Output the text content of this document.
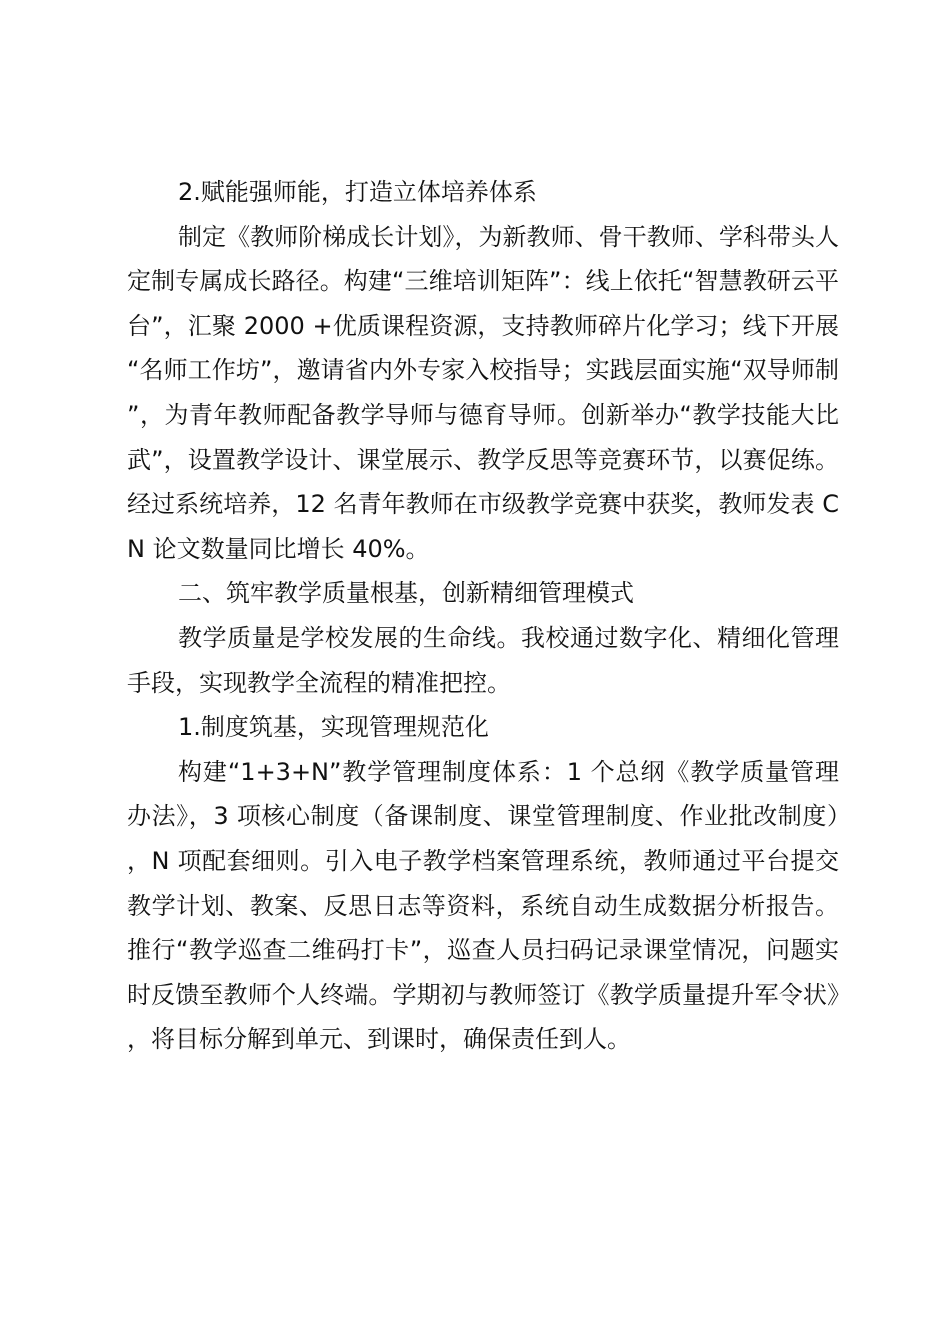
2.赋能强师能，打造立体培养体系

制定《教师阶梯成长计划》，为新教师、骨干教师、学科带头人定制专属成长路径。构建“三维培训矩阵”：线上依托“智慧教研云平台”，汇聚 2000 +优质课程资源，支持教师碎片化学习；线下开展“名师工作坊”，邀请省内外专家入校指导；实践层面实施“双导师制”，为青年教师配备教学导师与德育导师。创新举办“教学技能大比武”，设置教学设计、课堂展示、教学反思等竞赛环节，以赛促练。经过系统培养，12 名青年教师在市级教学竞赛中获奖，教师发表 CN 论文数量同比增长 40%。

二、筑牢教学质量根基，创新精细管理模式

教学质量是学校发展的生命线。我校通过数字化、精细化管理手段，实现教学全流程的精准把控。

1.制度筑基，实现管理规范化

构建“1+3+N”教学管理制度体系：1 个总纲《教学质量管理办法》，3 项核心制度（备课制度、课堂管理制度、作业批改制度），N 项配套细则。引入电子教学档案管理系统，教师通过平台提交教学计划、教案、反思日志等资料，系统自动生成数据分析报告。推行“教学巡查二维码打卡”，巡查人员扫码记录课堂情况，问题实时反馈至教师个人终端。学期初与教师签订《教学质量提升军令状》，将目标分解到单元、到课时，确保责任到人。
